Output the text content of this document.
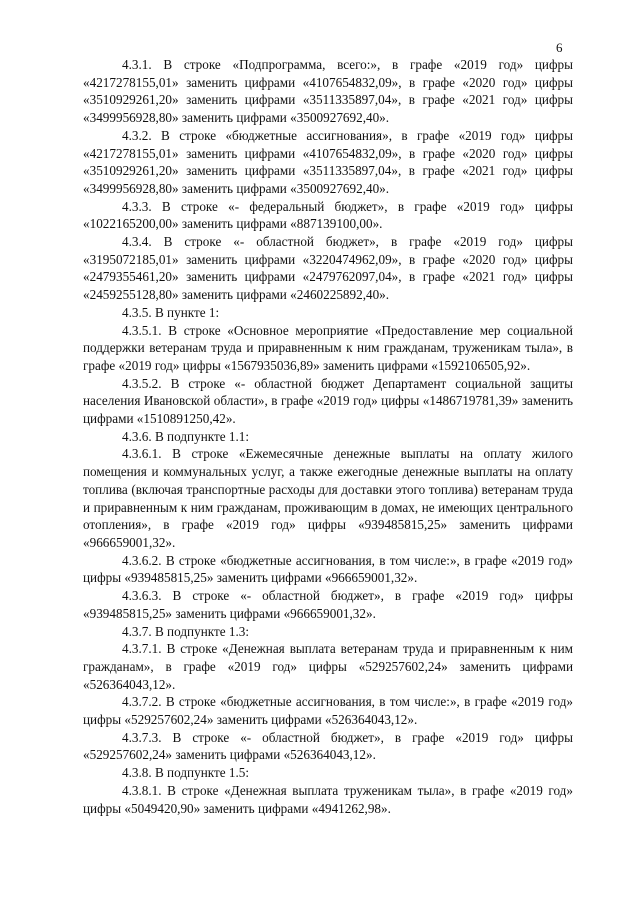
6

4.3.1. В строке «Подпрограмма, всего:», в графе «2019 год» цифры «4217278155,01» заменить цифрами «4107654832,09», в графе «2020 год» цифры «3510929261,20» заменить цифрами «3511335897,04», в графе «2021 год» цифры «3499956928,80» заменить цифрами «3500927692,40».

4.3.2. В строке «бюджетные ассигнования», в графе «2019 год» цифры «4217278155,01» заменить цифрами «4107654832,09», в графе «2020 год» цифры «3510929261,20» заменить цифрами «3511335897,04», в графе «2021 год» цифры «3499956928,80» заменить цифрами «3500927692,40».

4.3.3. В строке «- федеральный бюджет», в графе «2019 год» цифры «1022165200,00» заменить цифрами «887139100,00».

4.3.4. В строке «- областной бюджет», в графе «2019 год» цифры «3195072185,01» заменить цифрами «3220474962,09», в графе «2020 год» цифры «2479355461,20» заменить цифрами «2479762097,04», в графе «2021 год» цифры «2459255128,80» заменить цифрами «2460225892,40».

4.3.5. В пункте 1:

4.3.5.1. В строке «Основное мероприятие «Предоставление мер социальной поддержки ветеранам труда и приравненным к ним гражданам, труженикам тыла», в графе «2019 год» цифры «1567935036,89» заменить цифрами «1592106505,92».

4.3.5.2. В строке «- областной бюджет Департамент социальной защиты населения Ивановской области», в графе «2019 год» цифры «1486719781,39» заменить цифрами «1510891250,42».

4.3.6. В подпункте 1.1:

4.3.6.1. В строке «Ежемесячные денежные выплаты на оплату жилого помещения и коммунальных услуг, а также ежегодные денежные выплаты на оплату топлива (включая транспортные расходы для доставки этого топлива) ветеранам труда и приравненным к ним гражданам, проживающим в домах, не имеющих центрального отопления», в графе «2019 год» цифры «939485815,25» заменить цифрами «966659001,32».

4.3.6.2. В строке «бюджетные ассигнования, в том числе:», в графе «2019 год» цифры «939485815,25» заменить цифрами «966659001,32».

4.3.6.3. В строке «- областной бюджет», в графе «2019 год» цифры «939485815,25» заменить цифрами «966659001,32».

4.3.7. В подпункте 1.3:

4.3.7.1. В строке «Денежная выплата ветеранам труда и приравненным к ним гражданам», в графе «2019 год» цифры «529257602,24» заменить цифрами «526364043,12».

4.3.7.2. В строке «бюджетные ассигнования, в том числе:», в графе «2019 год» цифры «529257602,24» заменить цифрами «526364043,12».

4.3.7.3. В строке «- областной бюджет», в графе «2019 год» цифры «529257602,24» заменить цифрами «526364043,12».

4.3.8. В подпункте 1.5:

4.3.8.1. В строке «Денежная выплата труженикам тыла», в графе «2019 год» цифры «5049420,90» заменить цифрами «4941262,98».
